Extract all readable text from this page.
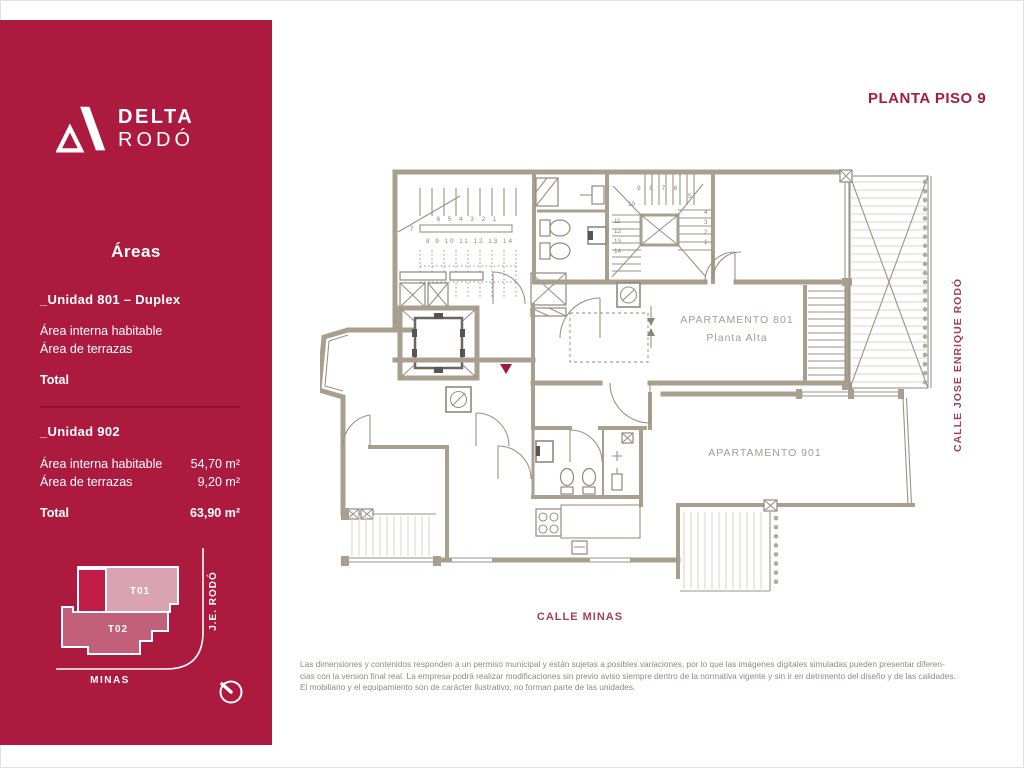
DELTA
RODÓ
Áreas
_Unidad 801 – Duplex
Área interna habitable
Área de terrazas
Total
_Unidad 902
Área interna habitable 54,70 m²
Área de terrazas	9,20 m²
Total	63,90 m²
T01
T02	J.E. RODÓ
MINAS
PLANTA PISO 9
6 5 4 3 2 1
7
8 9 10 11 12 13 14
9 8 7 6
5
10
11
12
13
14
4
3
2
1
APARTAMENTO 801
Planta Alta
APARTAMENTO 901
CALLE MINAS
CALLE JOSE ENRIQUE RODÓ
Las dimensiones y contenidos responden a un permiso municipal y están sujetas a posibles variaciones, por lo que las imágenes digitales simuladas pueden presentar diferen-
cias con la version final real. La empresa podrá realizar modificaciones sin previo aviso siempre dentro de la normativa vigente y sin ir en detrimento del diseño y de las calidades.
El mobiliario y el equipamiento son de carácter ilustrativo, no forman parte de las unidades.
